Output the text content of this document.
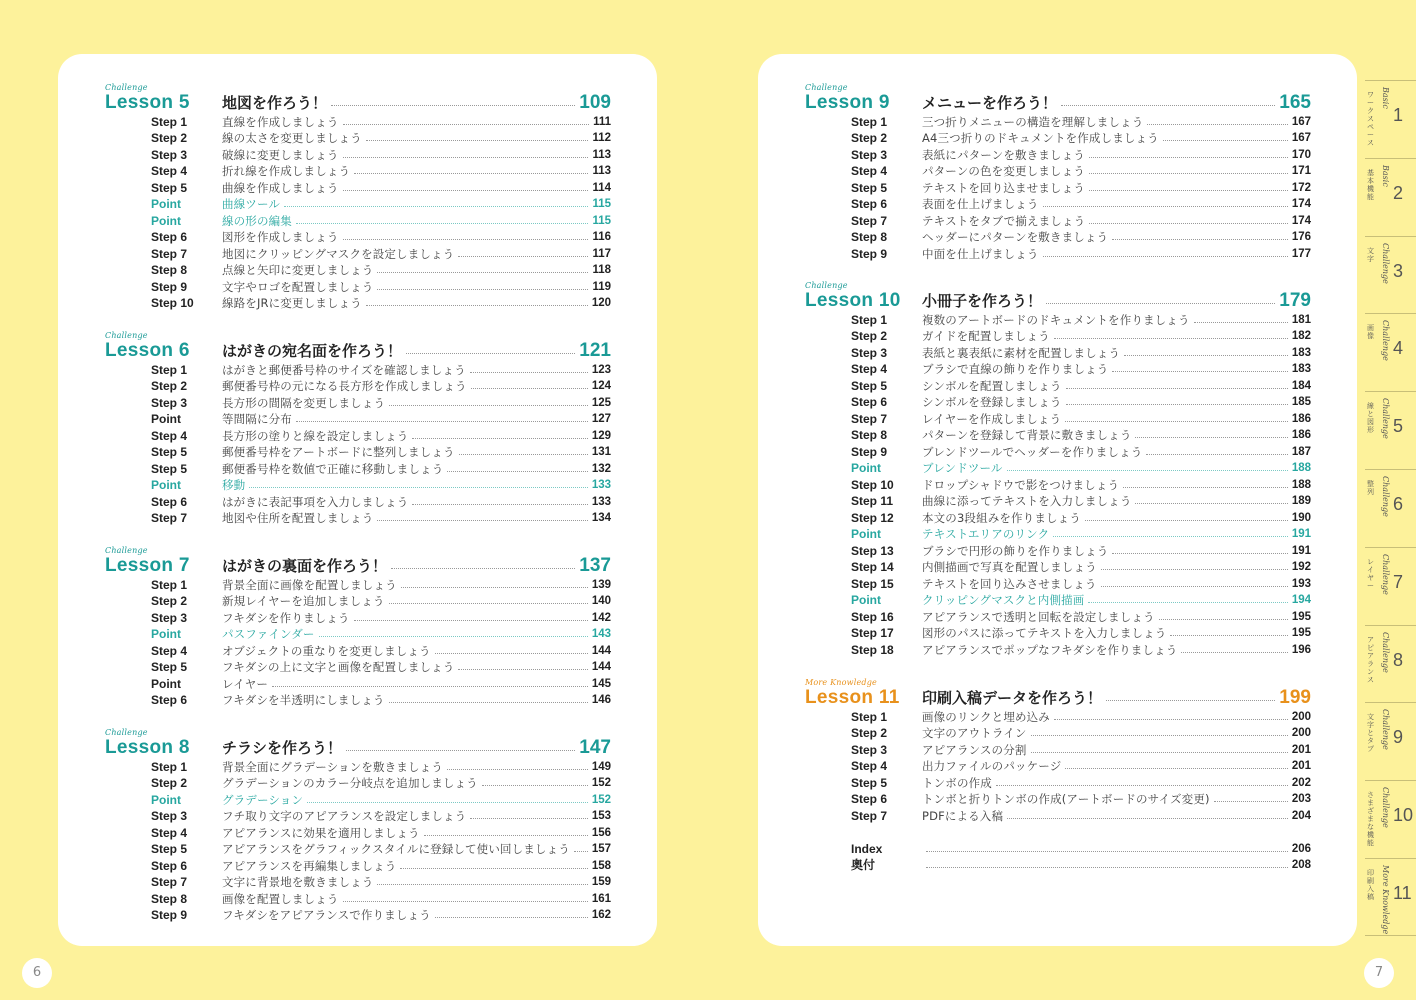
Challenge
Lesson 5	地図を作ろう！	109
Step 1	直線を作成しましょう	111
Step 2	線の太さを変更しましょう	112
Step 3	破線に変更しましょう	113
Step 4	折れ線を作成しましょう	113
Step 5	曲線を作成しましょう	114
Point	曲線ツール	115
Point	線の形の編集	115
Step 6	図形を作成しましょう	116
Step 7	地図にクリッピングマスクを設定しましょう	117
Step 8	点線と矢印に変更しましょう	118
Step 9	文字やロゴを配置しましょう	119
Step 10	線路をJRに変更しましょう	120
Challenge
Lesson 6	はがきの宛名面を作ろう！	121
Step 1	はがきと郵便番号枠のサイズを確認しましょう	123
Step 2	郵便番号枠の元になる長方形を作成しましょう	124
Step 3	長方形の間隔を変更しましょう	125
Point	等間隔に分布	127
Step 4	長方形の塗りと線を設定しましょう	129
Step 5	郵便番号枠をアートボードに整列しましょう	131
Step 5	郵便番号枠を数値で正確に移動しましょう	132
Point	移動	133
Step 6	はがきに表記事項を入力しましょう	133
Step 7	地図や住所を配置しましょう	134
Challenge
Lesson 7	はがきの裏面を作ろう！	137
Step 1	背景全面に画像を配置しましょう	139
Step 2	新規レイヤーを追加しましょう	140
Step 3	フキダシを作りましょう	142
Point	パスファインダー	143
Step 4	オブジェクトの重なりを変更しましょう	144
Step 5	フキダシの上に文字と画像を配置しましょう	144
Point	レイヤー	145
Step 6	フキダシを半透明にしましょう	146
Challenge
Lesson 8	チラシを作ろう！	147
Step 1	背景全面にグラデーションを敷きましょう	149
Step 2	グラデーションのカラー分岐点を追加しましょう	152
Point	グラデーション	152
Step 3	フチ取り文字のアピアランスを設定しましょう	153
Step 4	アピアランスに効果を適用しましょう	156
Step 5	アピアランスをグラフィックスタイルに登録して使い回しましょう 157
Step 6	アピアランスを再編集しましょう	158
Step 7	文字に背景地を敷きましょう	159
Step 8	画像を配置しましょう	161
Step 9	フキダシをアピアランスで作りましょう	162
Challenge
Lesson 9	メニューを作ろう！	165
Step 1	三つ折りメニューの構造を理解しましょう	167
Step 2	A4三つ折りのドキュメントを作成しましょう	167
Step 3	表紙にパターンを敷きましょう	170
Step 4	パターンの色を変更しましょう	171
Step 5	テキストを回り込ませましょう	172
Step 6	表面を仕上げましょう	174
Step 7	テキストをタブで揃えましょう	174
Step 8	ヘッダーにパターンを敷きましょう	176
Step 9	中面を仕上げましょう	177
Challenge
Lesson 10	小冊子を作ろう！	179
Step 1	複数のアートボードのドキュメントを作りましょう	181
Step 2	ガイドを配置しましょう	182
Step 3	表紙と裏表紙に素材を配置しましょう	183
Step 4	ブラシで直線の飾りを作りましょう	183
Step 5	シンボルを配置しましょう	184
Step 6	シンボルを登録しましょう	185
Step 7	レイヤーを作成しましょう	186
Step 8	パターンを登録して背景に敷きましょう	186
Step 9	ブレンドツールでヘッダーを作りましょう	187
Point	ブレンドツール	188
Step 10	ドロップシャドウで影をつけましょう	188
Step 11	曲線に添ってテキストを入力しましょう	189
Step 12	本文の3段組みを作りましょう	190
Point	テキストエリアのリンク	191
Step 13	ブラシで円形の飾りを作りましょう	191
Step 14	内側描画で写真を配置しましょう	192
Step 15	テキストを回り込みさせましょう	193
Point	クリッピングマスクと内側描画	194
Step 16	アピアランスで透明と回転を設定しましょう	195
Step 17	図形のパスに添ってテキストを入力しましょう	195
Step 18	アピアランスでポップなフキダシを作りましょう	196
More Knowledge
Lesson 11	印刷入稿データを作ろう！	199
Step 1	画像のリンクと埋め込み	200
Step 2	文字のアウトライン	200
Step 3	アピアランスの分割	201
Step 4	出力ファイルのパッケージ	201
Step 5	トンボの作成	202
Step 6	トンボと折りトンボの作成(アートボードのサイズ変更)	203
Step 7	PDFによる入稿	204
Index	206
奥付	208
6	7
ワークスペース
Basic
1
基本機能
Basic
2
文字 Challenge 3
画像 Challenge 4
線と図形 Challenge 5
整列 Challenge 6
レイヤー Challenge 7
アピアランス
Challenge 8
文字とタブ Challenge 9
さまざまな機能
Challenge 10
印刷入稿 More Knowledge 11
